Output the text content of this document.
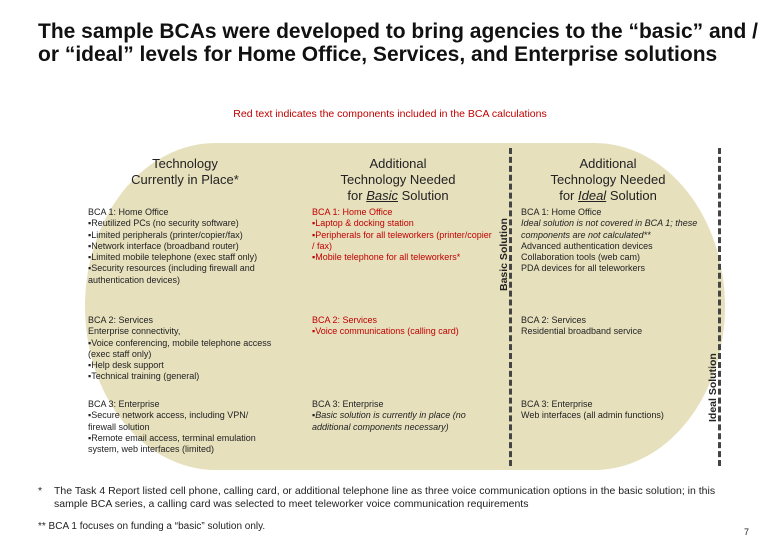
The sample BCAs were developed to bring agencies to the “basic” and / or “ideal” levels for Home Office, Services, and Enterprise solutions
Red text indicates the components included in the BCA calculations
Technology
Currently in Place*
BCA 1: Home Office
▪Reutilized PCs (no security software)
▪Limited peripherals (printer/copier/fax)
▪Network interface (broadband router)
▪Limited mobile telephone (exec staff only)
▪Security resources (including firewall and authentication devices)
BCA 2: Services
Enterprise connectivity,
▪Voice conferencing, mobile telephone access (exec staff only)
▪Help desk support
▪Technical training (general)
BCA 3: Enterprise
▪Secure network access, including VPN/ firewall solution
▪Remote email access, terminal emulation system, web interfaces (limited)
Additional
Technology Needed
for Basic Solution
BCA 1: Home Office
▪Laptop & docking station
▪Peripherals for all teleworkers (printer/copier / fax)
▪Mobile telephone for all teleworkers*
BCA 2: Services
▪Voice communications (calling card)
BCA 3: Enterprise
▪Basic solution is currently in place (no additional components necessary)
Additional
Technology Needed
for Ideal Solution
BCA 1: Home Office
Ideal solution is not covered in BCA 1; these components are not calculated**
Advanced authentication devices
Collaboration tools (web cam)
PDA devices for all teleworkers
BCA 2: Services
Residential broadband service
BCA 3: Enterprise
Web interfaces (all admin functions)
Basic Solution
Ideal Solution
* The Task 4 Report listed cell phone, calling card, or additional telephone line as three voice communication options in the basic solution; in this sample BCA series, a calling card was selected to meet teleworker voice communication requirements
** BCA 1 focuses on funding a “basic” solution only.	7
